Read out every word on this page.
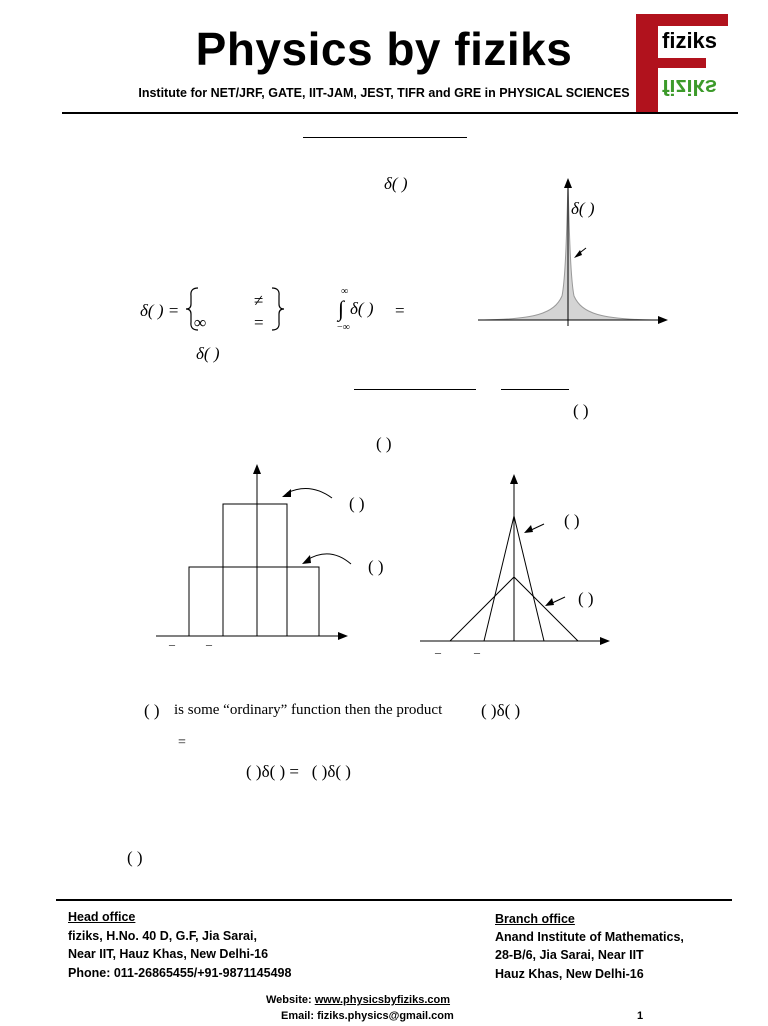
Physics by fiziks
Institute for NET/JRF, GATE, IIT-JAM, JEST, TIFR and GRE in PHYSICAL SCIENCES
fiziks
fiziks
δ( )
δ( ) =
∞
≠
=
∞
∫
−∞
δ( ) =
δ( )
δ( )
( )
( )
( )
( )
–	–
( )
( )
–	–
( ) is some “ordinary” function then the product ( )δ( )
=
( )δ( ) =   ( )δ( )
( )
Head office
fiziks, H.No. 40 D, G.F, Jia Sarai,
Near IIT, Hauz Khas, New Delhi-16
Phone: 011-26865455/+91-9871145498
Branch office
Anand Institute of Mathematics,
28-B/6, Jia Sarai, Near IIT
Hauz Khas, New Delhi-16
Website: www.physicsbyfiziks.com
Email: fiziks.physics@gmail.com	1
